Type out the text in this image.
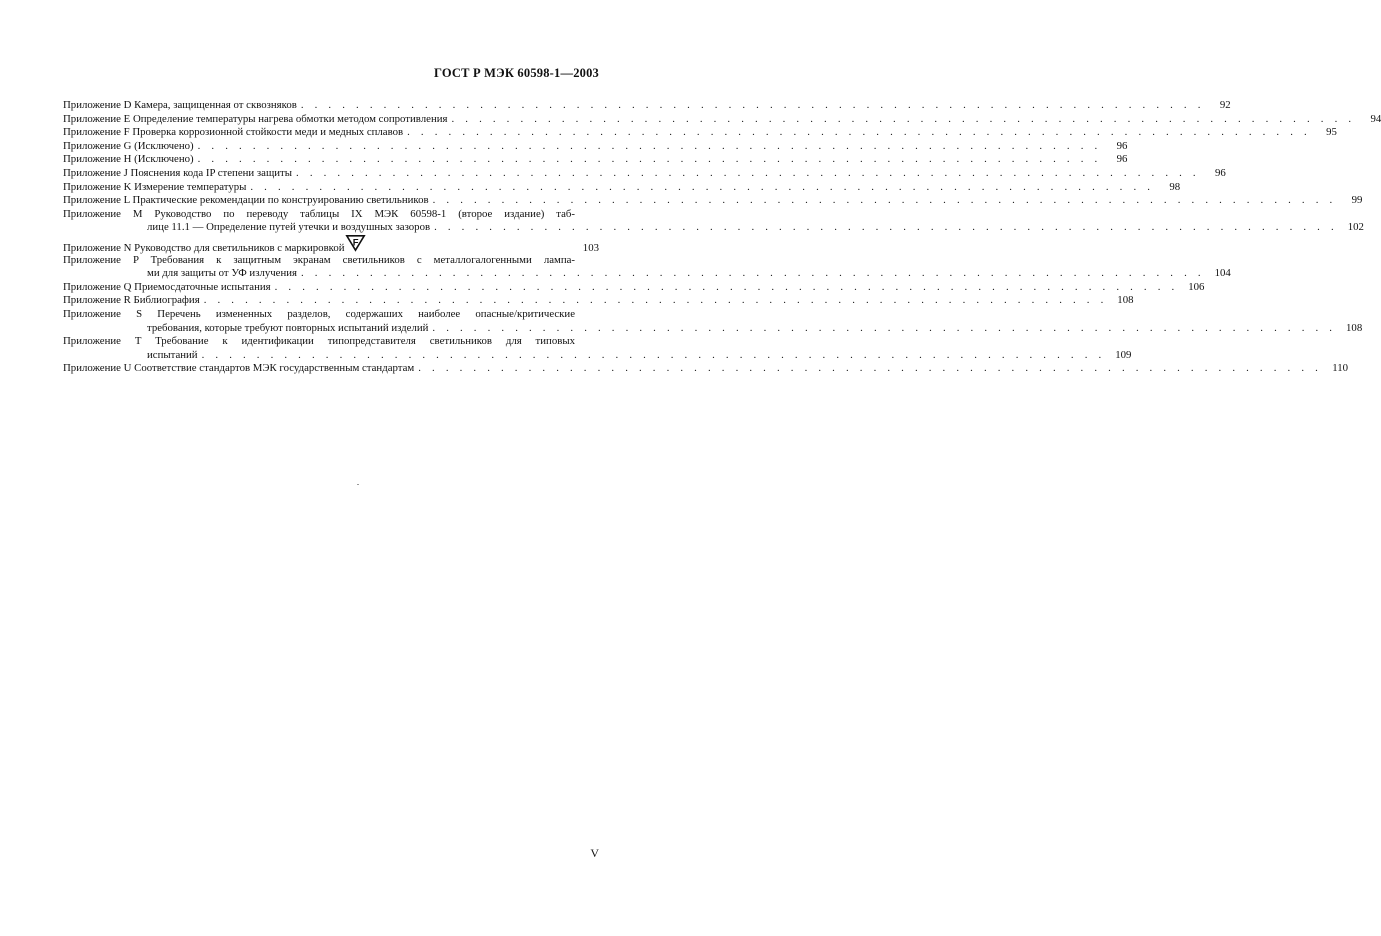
ГОСТ Р МЭК 60598-1—2003
Приложение D Камера, защищенная от сквозняков . . . . . . . . . . . . . . . . . . . . . . . . . . . . . . . . . . . . . . . . . . . . . . . . . . . . . . . . . . . . . . . . . .	92
Приложение E Определение температуры нагрева обмотки методом сопротивления . . . . . . . . . . . . . . . . . . . . . . . . . . . . . . . . . . . . . . . . . . . . . . . . . . . . . . . . . . . . . . . . . .	94
Приложение F Проверка коррозионной стойкости меди и медных сплавов . . . . . . . . . . . . . . . . . . . . . . . . . . . . . . . . . . . . . . . . . . . . . . . . . . . . . . . . . . . . . . . . . .	95
Приложение G (Исключено) . . . . . . . . . . . . . . . . . . . . . . . . . . . . . . . . . . . . . . . . . . . . . . . . . . . . . . . . . . . . . . . . . .	96
Приложение H (Исключено) . . . . . . . . . . . . . . . . . . . . . . . . . . . . . . . . . . . . . . . . . . . . . . . . . . . . . . . . . . . . . . . . . .	96
Приложение J Пояснения кода IP степени защиты . . . . . . . . . . . . . . . . . . . . . . . . . . . . . . . . . . . . . . . . . . . . . . . . . . . . . . . . . . . . . . . . . .	96
Приложение K Измерение температуры . . . . . . . . . . . . . . . . . . . . . . . . . . . . . . . . . . . . . . . . . . . . . . . . . . . . . . . . . . . . . . . . . .	98
Приложение L Практические рекомендации по конструированию светильников . . . . . . . . . . . . . . . . . . . . . . . . . . . . . . . . . . . . . . . . . . . . . . . . . . . . . . . . . . . . . . . . . .	99
Приложение M Руководство по переводу таблицы IX МЭК 60598-1 (второе издание) таб-
лице 11.1 — Определение путей утечки и воздушных зазоров . . . . . . . . . . . . . . . . . . . . . . . . . . . . . . . . . . . . . . . . . . . . . . . . . . . . . . . . . . . . . . . . . . 102
Приложение N Руководство для светильников с маркировкой F	103
Приложение P Требования к защитным экранам светильников с металлогалогенными лампа-
ми для защиты от УФ излучения . . . . . . . . . . . . . . . . . . . . . . . . . . . . . . . . . . . . . . . . . . . . . . . . . . . . . . . . . . . . . . . . . . 104
Приложение Q Приемосдаточные испытания . . . . . . . . . . . . . . . . . . . . . . . . . . . . . . . . . . . . . . . . . . . . . . . . . . . . . . . . . . . . . . . . . . 106
Приложение R Библиография . . . . . . . . . . . . . . . . . . . . . . . . . . . . . . . . . . . . . . . . . . . . . . . . . . . . . . . . . . . . . . . . . . 108
Приложение S Перечень измененных разделов, содержаших наиболее опасные/критические
требования, которые требуют повторных испытаний изделий . . . . . . . . . . . . . . . . . . . . . . . . . . . . . . . . . . . . . . . . . . . . . . . . . . . . . . . . . . . . . . . . . . 108
Приложение T Требование к идентификации типопредставителя светильников для типовых
испытаний . . . . . . . . . . . . . . . . . . . . . . . . . . . . . . . . . . . . . . . . . . . . . . . . . . . . . . . . . . . . . . . . . . 109
Приложение U Соответствие стандартов МЭК государственным стандартам . . . . . . . . . . . . . . . . . . . . . . . . . . . . . . . . . . . . . . . . . . . . . . . . . . . . . . . . . . . . . . . . . . 110
V
